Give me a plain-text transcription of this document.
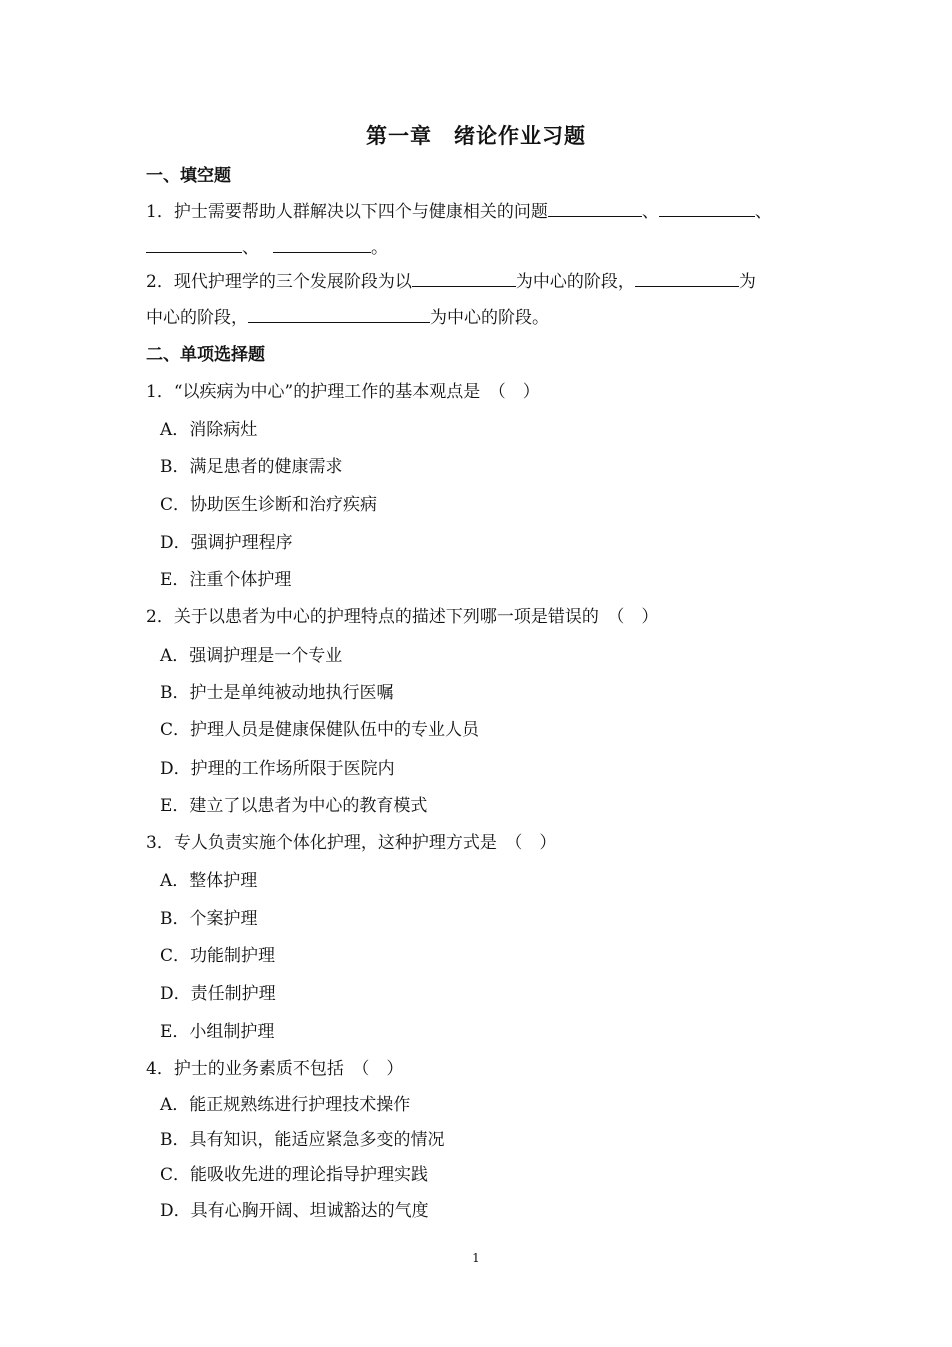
第一章　绪论作业习题
一、填空题
1．护士需要帮助人群解决以下四个与健康相关的问题	、	、
、	。
2．现代护理学的三个发展阶段为以	为中心的阶段，	为
中心的阶段，	为中心的阶段。
二、单项选择题
1．“以疾病为中心”的护理工作的基本观点是　（　）
A．消除病灶
B．满足患者的健康需求
C．协助医生诊断和治疗疾病
D．强调护理程序
E．注重个体护理
2．关于以患者为中心的护理特点的描述下列哪一项是错误的　（　）
A．强调护理是一个专业
B．护士是单纯被动地执行医嘱
C．护理人员是健康保健队伍中的专业人员
D．护理的工作场所限于医院内
E．建立了以患者为中心的教育模式
3．专人负责实施个体化护理，这种护理方式是　（　）
A．整体护理
B．个案护理
C．功能制护理
D．责任制护理
E．小组制护理
4．护士的业务素质不包括　（　）
A．能正规熟练进行护理技术操作
B．具有知识，能适应紧急多变的情况
C．能吸收先进的理论指导护理实践
D．具有心胸开阔、坦诚豁达的气度
1
